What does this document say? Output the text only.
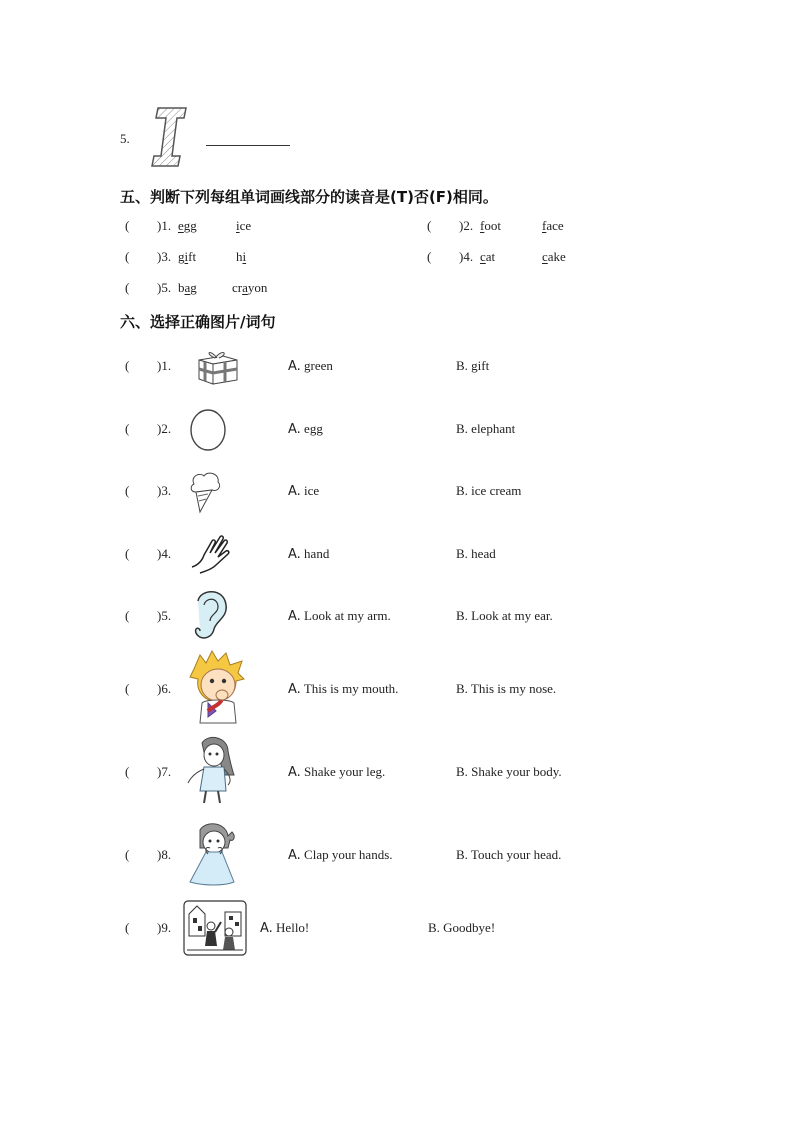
5.
五、判断下列每组单词画线部分的读音是(T)否(F)相同。
( )1. egg	ice	( )2. foot	face
( )3. gift	hi	( )4. cat	cake
( )5. bag	crayon
六、选择正确图片/词句
( )1.	A. green	B. gift
( )2.	A. egg	B. elephant
( )3.	A. ice	B. ice cream
( )4.	A. hand	B. head
( )5.	A. Look at my arm.	B. Look at my ear.
( )6.	A. This is my mouth.	B. This is my nose.
( )7.	A. Shake your leg.	B. Shake your body.
( )8.	A. Clap your hands.	B. Touch your head.
( )9.	A. Hello!	B. Goodbye!
